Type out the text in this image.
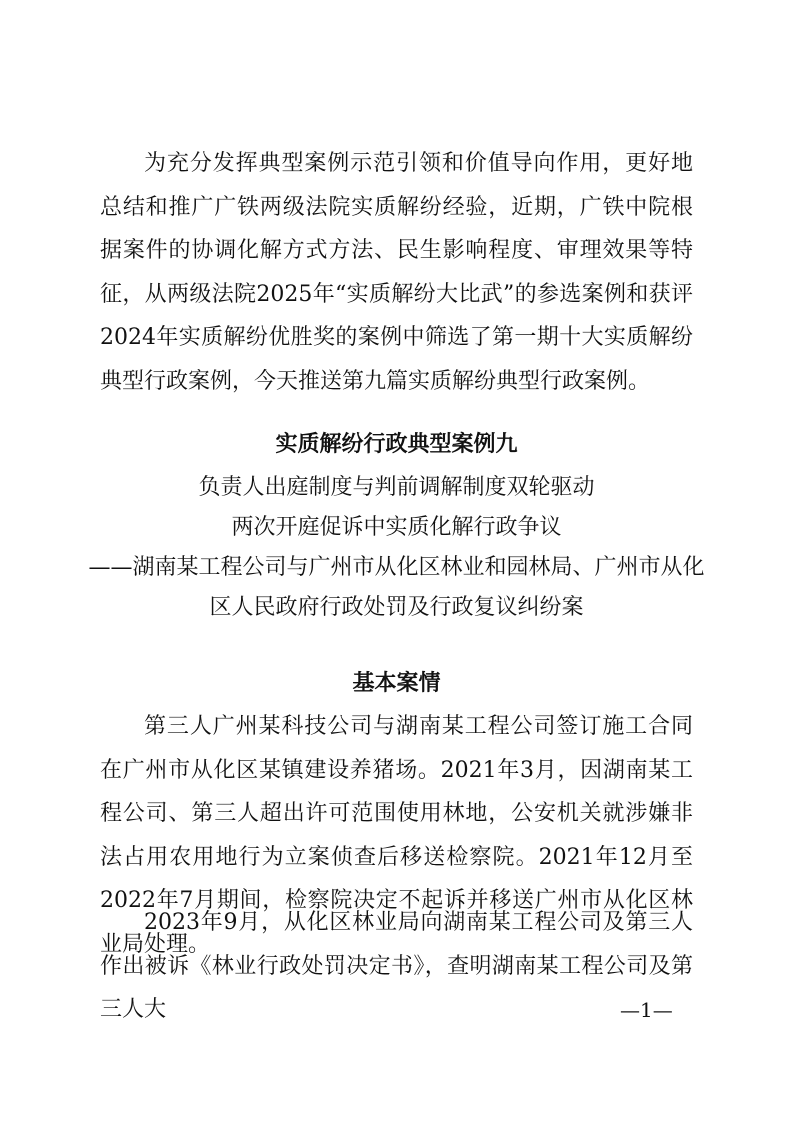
为充分发挥典型案例示范引领和价值导向作用，更好地总结和推广广铁两级法院实质解纷经验，近期，广铁中院根据案件的协调化解方式方法、民生影响程度、审理效果等特征，从两级法院2025年“实质解纷大比武”的参选案例和获评2024年实质解纷优胜奖的案例中筛选了第一期十大实质解纷典型行政案例，今天推送第九篇实质解纷典型行政案例。

实质解纷行政典型案例九

负责人出庭制度与判前调解制度双轮驱动

两次开庭促诉中实质化解行政争议

——湖南某工程公司与广州市从化区林业和园林局、广州市从化

区人民政府行政处罚及行政复议纠纷案

基本案情

第三人广州某科技公司与湖南某工程公司签订施工合同在广州市从化区某镇建设养猪场。2021年3月，因湖南某工程公司、第三人超出许可范围使用林地，公安机关就涉嫌非法占用农用地行为立案侦查后移送检察院。2021年12月至2022年7月期间，检察院决定不起诉并移送广州市从化区林业局处理。

2023年9月，从化区林业局向湖南某工程公司及第三人作出被诉《林业行政处罚决定书》，查明湖南某工程公司及第三人大	—1—
